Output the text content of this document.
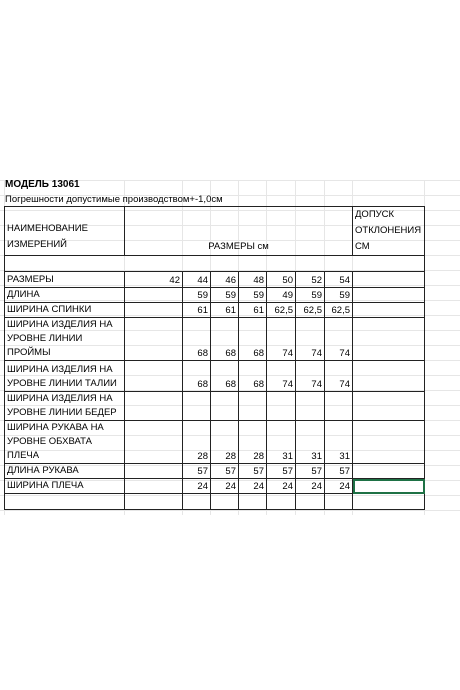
МОДЕЛЬ 13061
Погрешности допустимые производством+-1,0см
НАИМЕНОВАНИЕ ИЗМЕРЕНИЙ	РАЗМЕРЫ см							ДОПУСК ОТКЛОНЕНИЯ СМ

РАЗМЕРЫ	42	44	46	48	50	52	54	
ДЛИНА		59	59	59	49	59	59	
ШИРИНА СПИНКИ		61	61	61	62,5	62,5	62,5	
ШИРИНА ИЗДЕЛИЯ НА УРОВНЕ ЛИНИИ ПРОЙМЫ		68	68	68	74	74	74	
ШИРИНА ИЗДЕЛИЯ НА УРОВНЕ ЛИНИИ ТАЛИИ		68	68	68	74	74	74	
ШИРИНА ИЗДЕЛИЯ НА УРОВНЕ ЛИНИИ БЕДЕР								
ШИРИНА РУКАВА НА УРОВНЕ ОБХВАТА ПЛЕЧА		28	28	28	31	31	31	
ДЛИНА РУКАВА		57	57	57	57	57	57	
ШИРИНА ПЛЕЧА		24	24	24	24	24	24	
